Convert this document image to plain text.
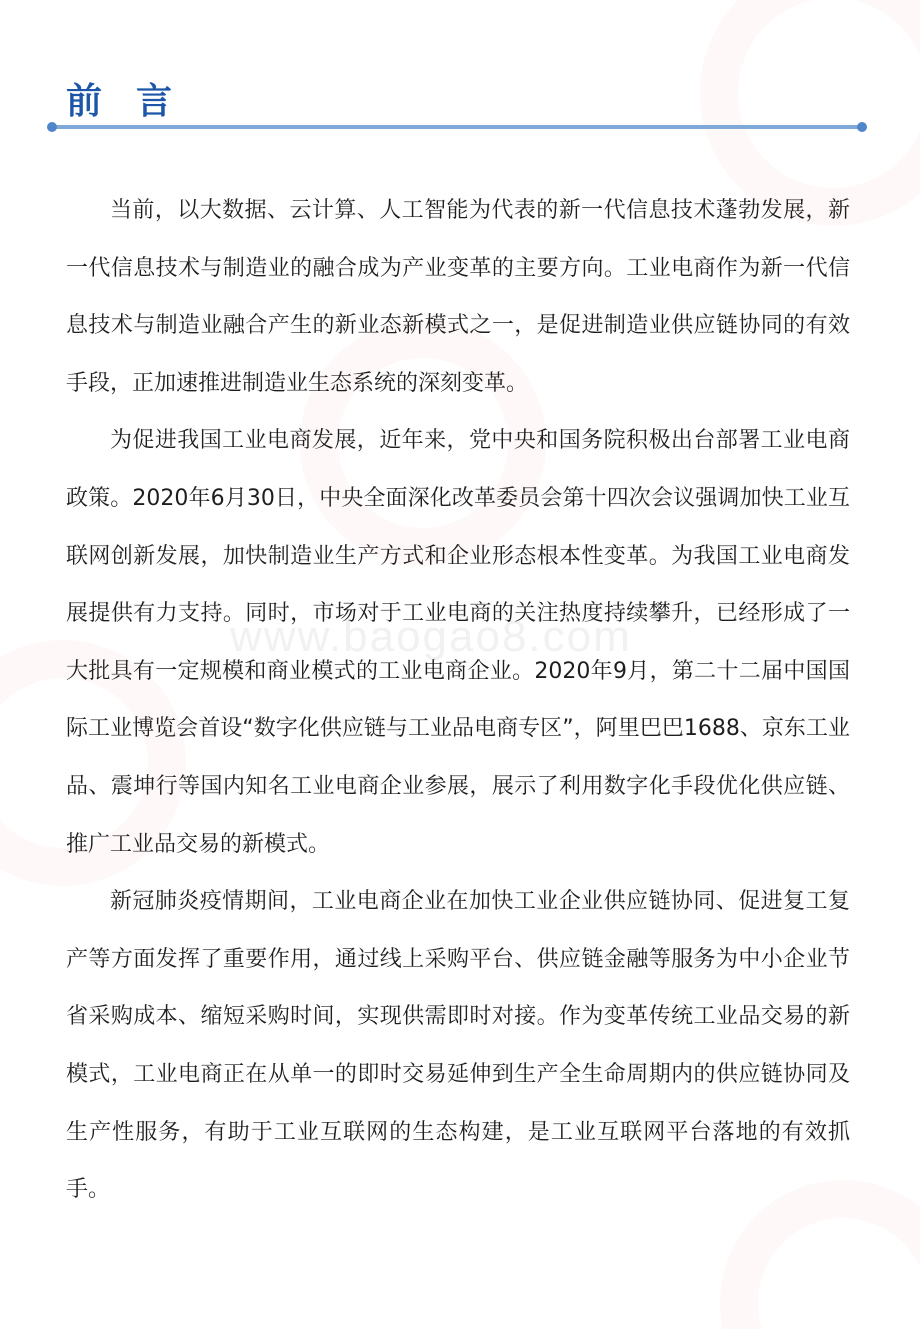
www.baogao8.com
前言

当前，以大数据、云计算、人工智能为代表的新一代信息技术蓬勃发展，新一代信息技术与制造业的融合成为产业变革的主要方向。工业电商作为新一代信息技术与制造业融合产生的新业态新模式之一，是促进制造业供应链协同的有效手段，正加速推进制造业生态系统的深刻变革。

为促进我国工业电商发展，近年来，党中央和国务院积极出台部署工业电商政策。2020年6月30日，中央全面深化改革委员会第十四次会议强调加快工业互联网创新发展，加快制造业生产方式和企业形态根本性变革。为我国工业电商发展提供有力支持。同时，市场对于工业电商的关注热度持续攀升，已经形成了一大批具有一定规模和商业模式的工业电商企业。2020年9月，第二十二届中国国际工业博览会首设“数字化供应链与工业品电商专区”，阿里巴巴1688、京东工业品、震坤行等国内知名工业电商企业参展，展示了利用数字化手段优化供应链、推广工业品交易的新模式。

新冠肺炎疫情期间，工业电商企业在加快工业企业供应链协同、促进复工复产等方面发挥了重要作用，通过线上采购平台、供应链金融等服务为中小企业节省采购成本、缩短采购时间，实现供需即时对接。作为变革传统工业品交易的新模式，工业电商正在从单一的即时交易延伸到生产全生命周期内的供应链协同及生产性服务，有助于工业互联网的生态构建，是工业互联网平台落地的有效抓手。
